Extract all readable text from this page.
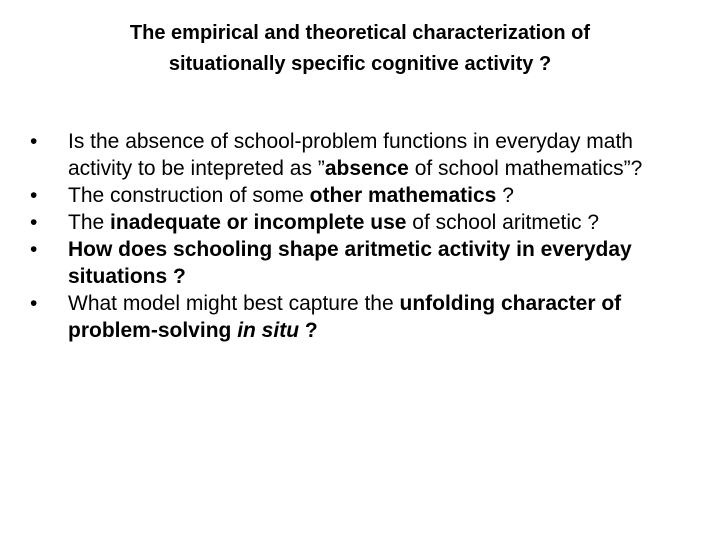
The empirical and theoretical characterization of
situationally specific cognitive activity ?
•	Is the absence of school-problem functions in everyday math activity to be intepreted as ”absence of school mathematics”?
•	The construction of some other mathematics ?
•	The inadequate or incomplete use of school aritmetic ?
•	How does schooling shape aritmetic activity in everyday situations ?
•	What model might best capture the unfolding character of problem-solving in situ ?
